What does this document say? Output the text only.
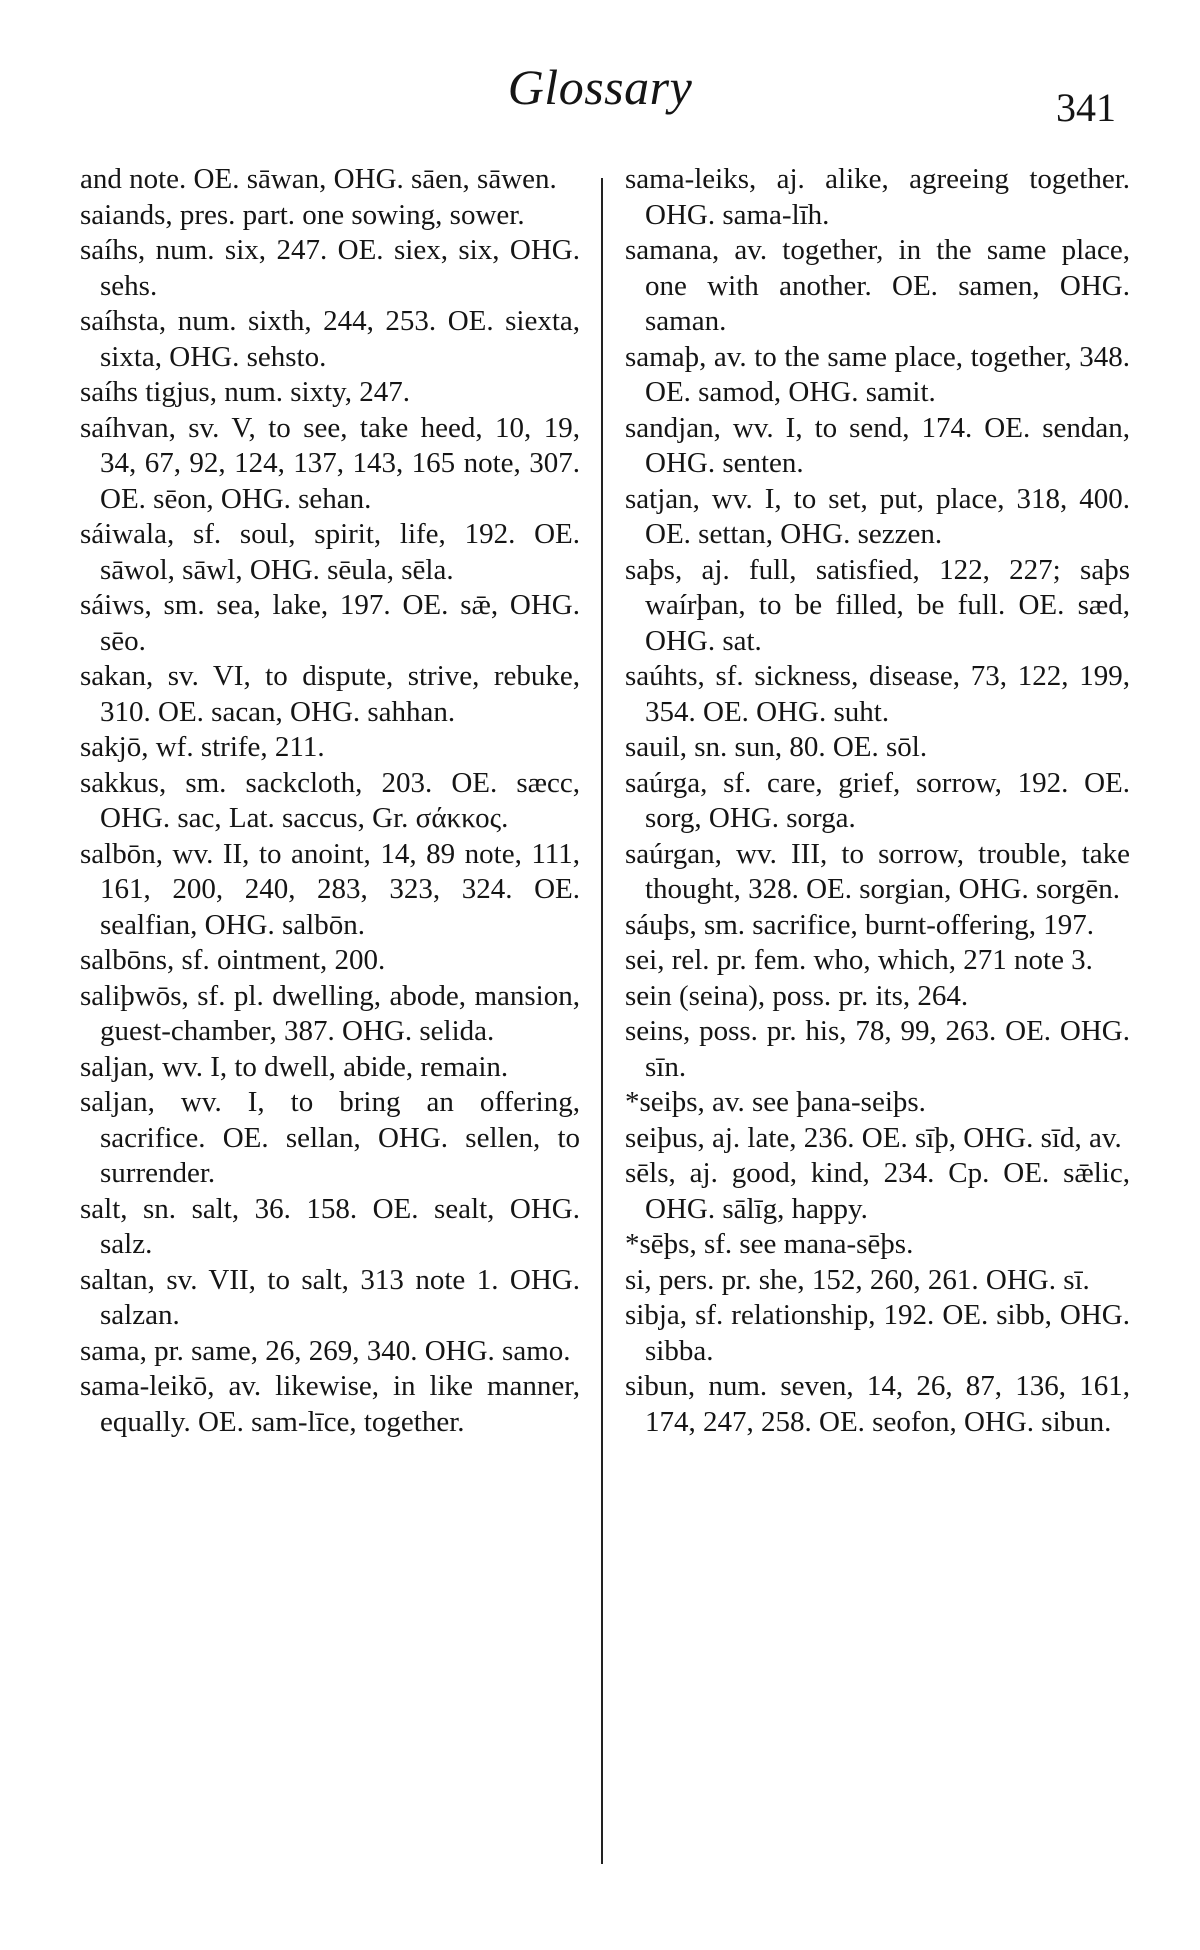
Glossary	341

and note. OE. sāwan, OHG. sāen, sāwen.

saiands, pres. part. one sowing, sower.

saíhs, num. six, 247. OE. siex, six, OHG. sehs.

saíhsta, num. sixth, 244, 253. OE. siexta, sixta, OHG. sehsto.

saíhs tigjus, num. sixty, 247.

saíhvan, sv. V, to see, take heed, 10, 19, 34, 67, 92, 124, 137, 143, 165 note, 307. OE. sēon, OHG. sehan.

sáiwala, sf. soul, spirit, life, 192. OE. sāwol, sāwl, OHG. sēula, sēla.

sáiws, sm. sea, lake, 197. OE. sǣ, OHG. sēo.

sakan, sv. VI, to dispute, strive, rebuke, 310. OE. sacan, OHG. sahhan.

sakjō, wf. strife, 211.

sakkus, sm. sackcloth, 203. OE. sæcc, OHG. sac, Lat. saccus, Gr. σάκκος.

salbōn, wv. II, to anoint, 14, 89 note, 111, 161, 200, 240, 283, 323, 324. OE. sealfian, OHG. salbōn.

salbōns, sf. ointment, 200.

saliþwōs, sf. pl. dwelling, abode, mansion, guest-chamber, 387. OHG. selida.

saljan, wv. I, to dwell, abide, remain.

saljan, wv. I, to bring an offering, sacrifice. OE. sellan, OHG. sellen, to surrender.

salt, sn. salt, 36. 158. OE. sealt, OHG. salz.

saltan, sv. VII, to salt, 313 note 1. OHG. salzan.

sama, pr. same, 26, 269, 340. OHG. samo.

sama-leikō, av. likewise, in like manner, equally. OE. sam-līce, together.

sama-leiks, aj. alike, agreeing together. OHG. sama-līh.

samana, av. together, in the same place, one with another. OE. samen, OHG. saman.

samaþ, av. to the same place, together, 348. OE. samod, OHG. samit.

sandjan, wv. I, to send, 174. OE. sendan, OHG. senten.

satjan, wv. I, to set, put, place, 318, 400. OE. settan, OHG. sezzen.

saþs, aj. full, satisfied, 122, 227; saþs waírþan, to be filled, be full. OE. sæd, OHG. sat.

saúhts, sf. sickness, disease, 73, 122, 199, 354. OE. OHG. suht.

sauil, sn. sun, 80. OE. sōl.

saúrga, sf. care, grief, sorrow, 192. OE. sorg, OHG. sorga.

saúrgan, wv. III, to sorrow, trouble, take thought, 328. OE. sorgian, OHG. sorgēn.

sáuþs, sm. sacrifice, burnt-offering, 197.

sei, rel. pr. fem. who, which, 271 note 3.

sein (seina), poss. pr. its, 264.

seins, poss. pr. his, 78, 99, 263. OE. OHG. sīn.

*seiþs, av. see þana-seiþs.

seiþus, aj. late, 236. OE. sīþ, OHG. sīd, av.

sēls, aj. good, kind, 234. Cp. OE. sǣlic, OHG. sālīg, happy.

*sēþs, sf. see mana-sēþs.

si, pers. pr. she, 152, 260, 261. OHG. sī.

sibja, sf. relationship, 192. OE. sibb, OHG. sibba.

sibun, num. seven, 14, 26, 87, 136, 161, 174, 247, 258. OE. seofon, OHG. sibun.
